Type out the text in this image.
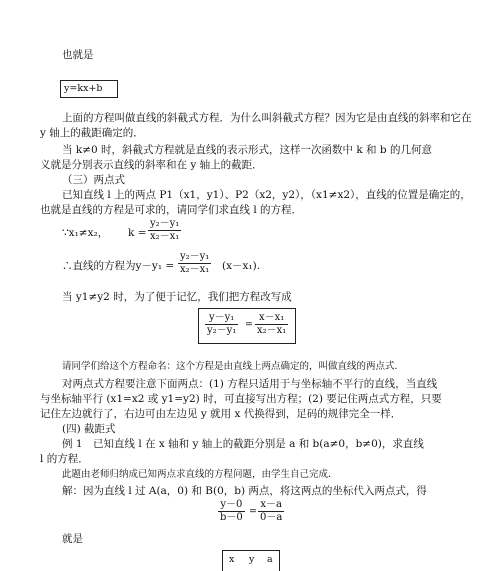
也就是
y=kx+b
上面的方程叫做直线的斜截式方程．为什么叫斜截式方程？因为它是由直线的斜率和它在
y 轴上的截距确定的．
当 k≠0 时，斜截式方程就是直线的表示形式，这样一次函数中 k 和 b 的几何意
义就是分别表示直线的斜率和在 y 轴上的截距．
（三）两点式
已知直线 l 上的两点 P1（x1，y1）、P2（x2，y2），（x1≠x2），直线的位置是确定的，
也就是直线的方程是可求的，请同学们求直线 l 的方程．
∵x₁≠x₂， $k = \frac{\text{y₂－y₁}}{\text{x₂－x₁}}$
∴直线的方程为$y-y_1 = \frac{\text{y₂－y₁}}{\text{x₂－x₁}} (x-x_1)$.
当 y1≠y2 时，为了便于记忆，我们把方程改写成
$\frac{\text{y－y₁}}{\text{y₂－y₁}} = \frac{\text{x－x₁}}{\text{x₂－x₁}}$
请同学们给这个方程命名：这个方程是由直线上两点确定的，叫做直线的两点式．
对两点式方程要注意下面两点：(1) 方程只适用于与坐标轴不平行的直线，当直线
与坐标轴平行 (x1=x2 或 y1=y2) 时，可直接写出方程；(2) 要记住两点式方程，只要
记住左边就行了，右边可由左边见 y 就用 x 代换得到，足码的规律完全一样．
(四) 截距式
例 1　已知直线 l 在 x 轴和 y 轴上的截距分别是 a 和 b(a≠0，b≠0)，求直线
l 的方程．
此题由老师归纳成已知两点求直线的方程问题，由学生自己完成．
解：因为直线 l 过 A(a，0) 和 B(0，b) 两点，将这两点的坐标代入两点式，得
$\frac{y-0}{b-0} = \frac{x-a}{0-a}$
就是
x y a
